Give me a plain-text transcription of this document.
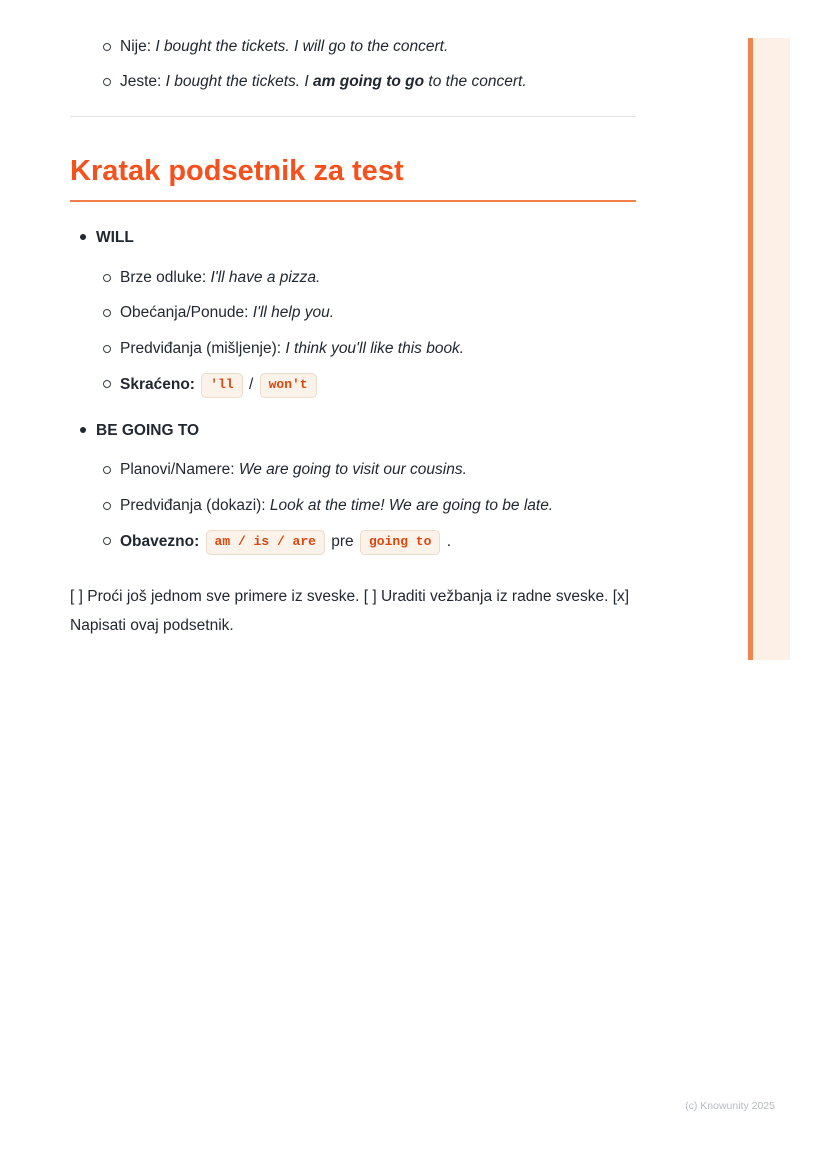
Nije: I bought the tickets. I will go to the concert.
Jeste: I bought the tickets. I am going to go to the concert.
Kratak podsetnik za test
WILL
Brze odluke: I'll have a pizza.
Obećanja/Ponude: I'll help you.
Predviđanja (mišljenje): I think you'll like this book.
Skraćeno: 'll / won't
BE GOING TO
Planovi/Namere: We are going to visit our cousins.
Predviđanja (dokazi): Look at the time! We are going to be late.
Obavezno: am / is / are pre going to .

[ ] Proći još jednom sve primere iz sveske. [ ] Uraditi vežbanja iz radne sveske. [x] Napisati ovaj podsetnik.

(c) Knowunity 2025
